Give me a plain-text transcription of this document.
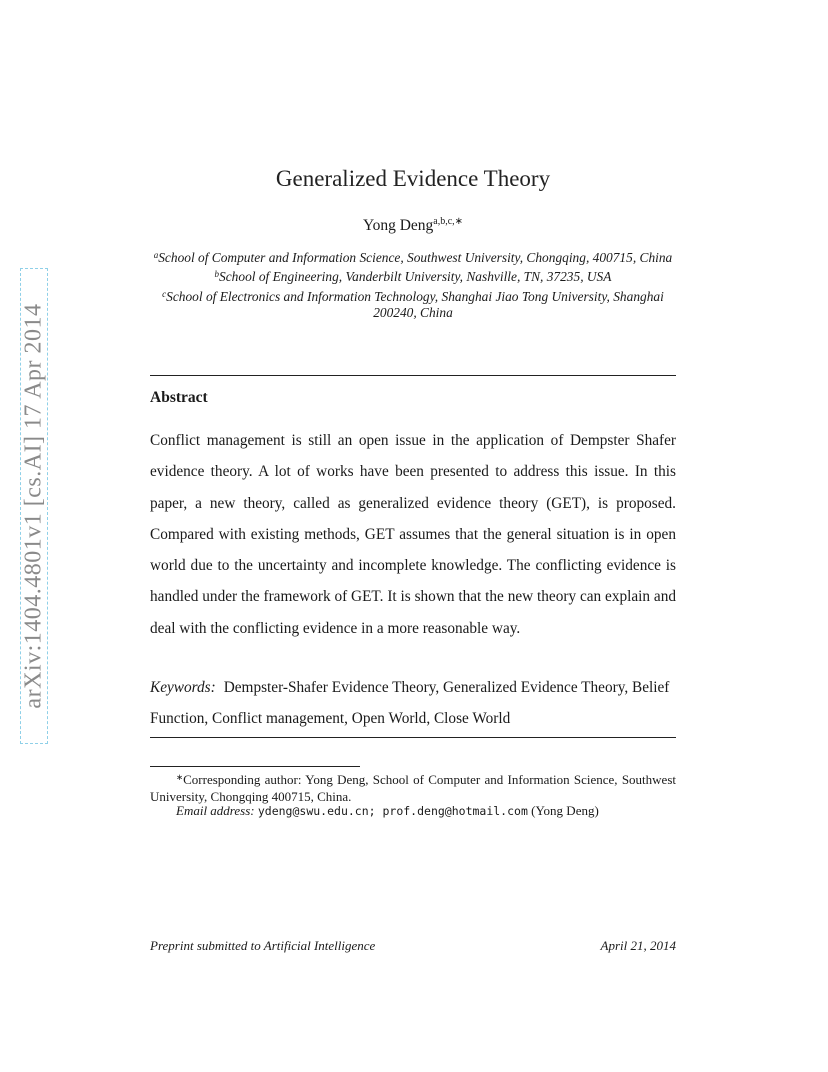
arXiv:1404.4801v1 [cs.AI] 17 Apr 2014
Generalized Evidence Theory
Yong Deng$^{a,b,c,∗}$
$^a$School of Computer and Information Science, Southwest University, Chongqing, 400715, China
$^b$School of Engineering, Vanderbilt University, Nashville, TN, 37235, USA
$^c$School of Electronics and Information Technology, Shanghai Jiao Tong University, Shanghai 200240, China
Abstract
Conflict management is still an open issue in the application of Dempster Shafer evidence theory. A lot of works have been presented to address this issue. In this paper, a new theory, called as generalized evidence theory (GET), is proposed. Compared with existing methods, GET assumes that the general situation is in open world due to the uncertainty and incomplete knowledge. The conflicting evidence is handled under the framework of GET. It is shown that the new theory can explain and deal with the conflicting evidence in a more reasonable way.
Keywords: Dempster-Shafer Evidence Theory, Generalized Evidence Theory, Belief Function, Conflict management, Open World, Close World
∗Corresponding author: Yong Deng, School of Computer and Information Science, Southwest University, Chongqing 400715, China.
Email address: ydeng@swu.edu.cn; prof.deng@hotmail.com (Yong Deng)
Preprint submitted to Artificial Intelligence	April 21, 2014
